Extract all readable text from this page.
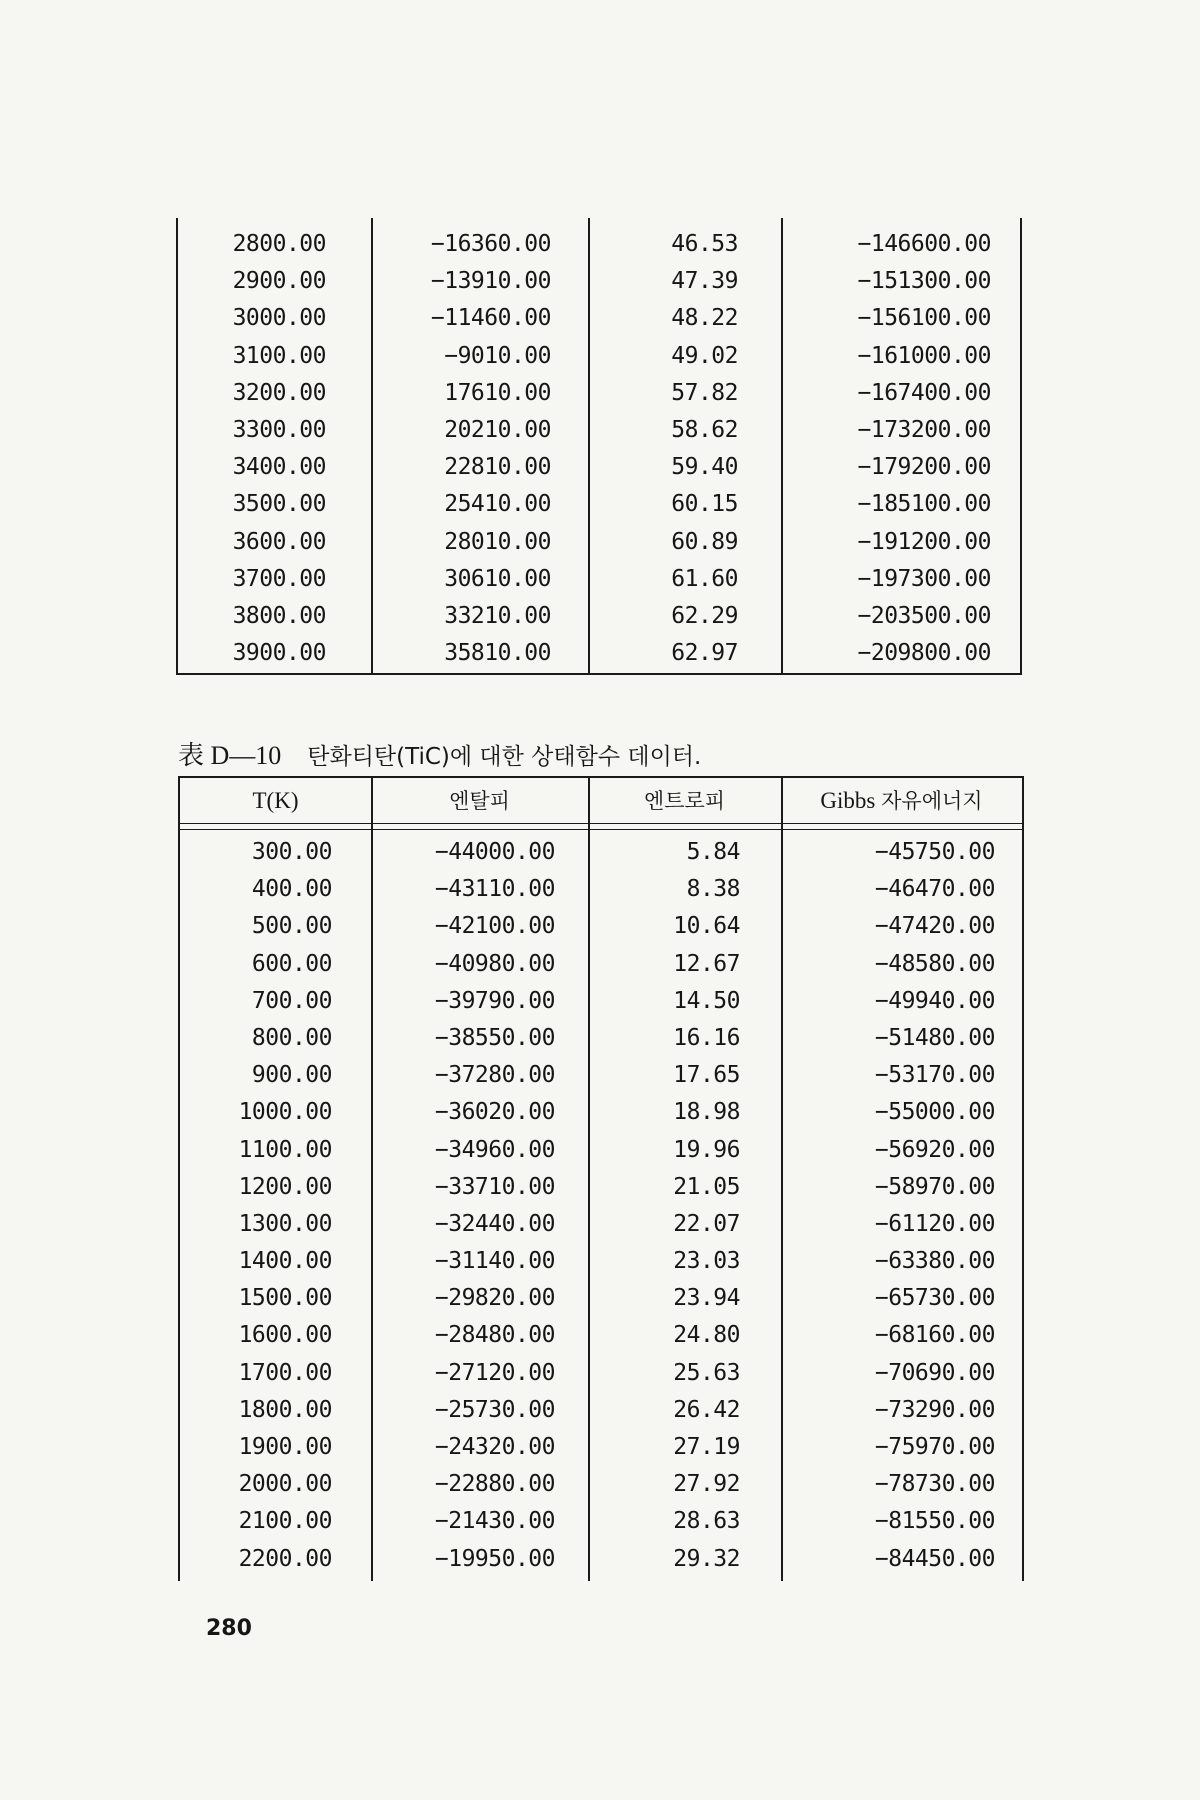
2800.00	−16360.00	46.53	−146600.00
2900.00	−13910.00	47.39	−151300.00
3000.00	−11460.00	48.22	−156100.00
3100.00	−9010.00	49.02	−161000.00
3200.00	17610.00	57.82	−167400.00
3300.00	20210.00	58.62	−173200.00
3400.00	22810.00	59.40	−179200.00
3500.00	25410.00	60.15	−185100.00
3600.00	28010.00	60.89	−191200.00
3700.00	30610.00	61.60	−197300.00
3800.00	33210.00	62.29	−203500.00
3900.00	35810.00	62.97	−209800.00
表 D—10 탄화티탄(TiC)에 대한 상태함수 데이터.
T(K)	엔탈피	엔트로피	Gibbs 자유에너지
300.00	−44000.00	5.84	−45750.00
400.00	−43110.00	8.38	−46470.00
500.00	−42100.00	10.64	−47420.00
600.00	−40980.00	12.67	−48580.00
700.00	−39790.00	14.50	−49940.00
800.00	−38550.00	16.16	−51480.00
900.00	−37280.00	17.65	−53170.00
1000.00	−36020.00	18.98	−55000.00
1100.00	−34960.00	19.96	−56920.00
1200.00	−33710.00	21.05	−58970.00
1300.00	−32440.00	22.07	−61120.00
1400.00	−31140.00	23.03	−63380.00
1500.00	−29820.00	23.94	−65730.00
1600.00	−28480.00	24.80	−68160.00
1700.00	−27120.00	25.63	−70690.00
1800.00	−25730.00	26.42	−73290.00
1900.00	−24320.00	27.19	−75970.00
2000.00	−22880.00	27.92	−78730.00
2100.00	−21430.00	28.63	−81550.00
2200.00	−19950.00	29.32	−84450.00
280
